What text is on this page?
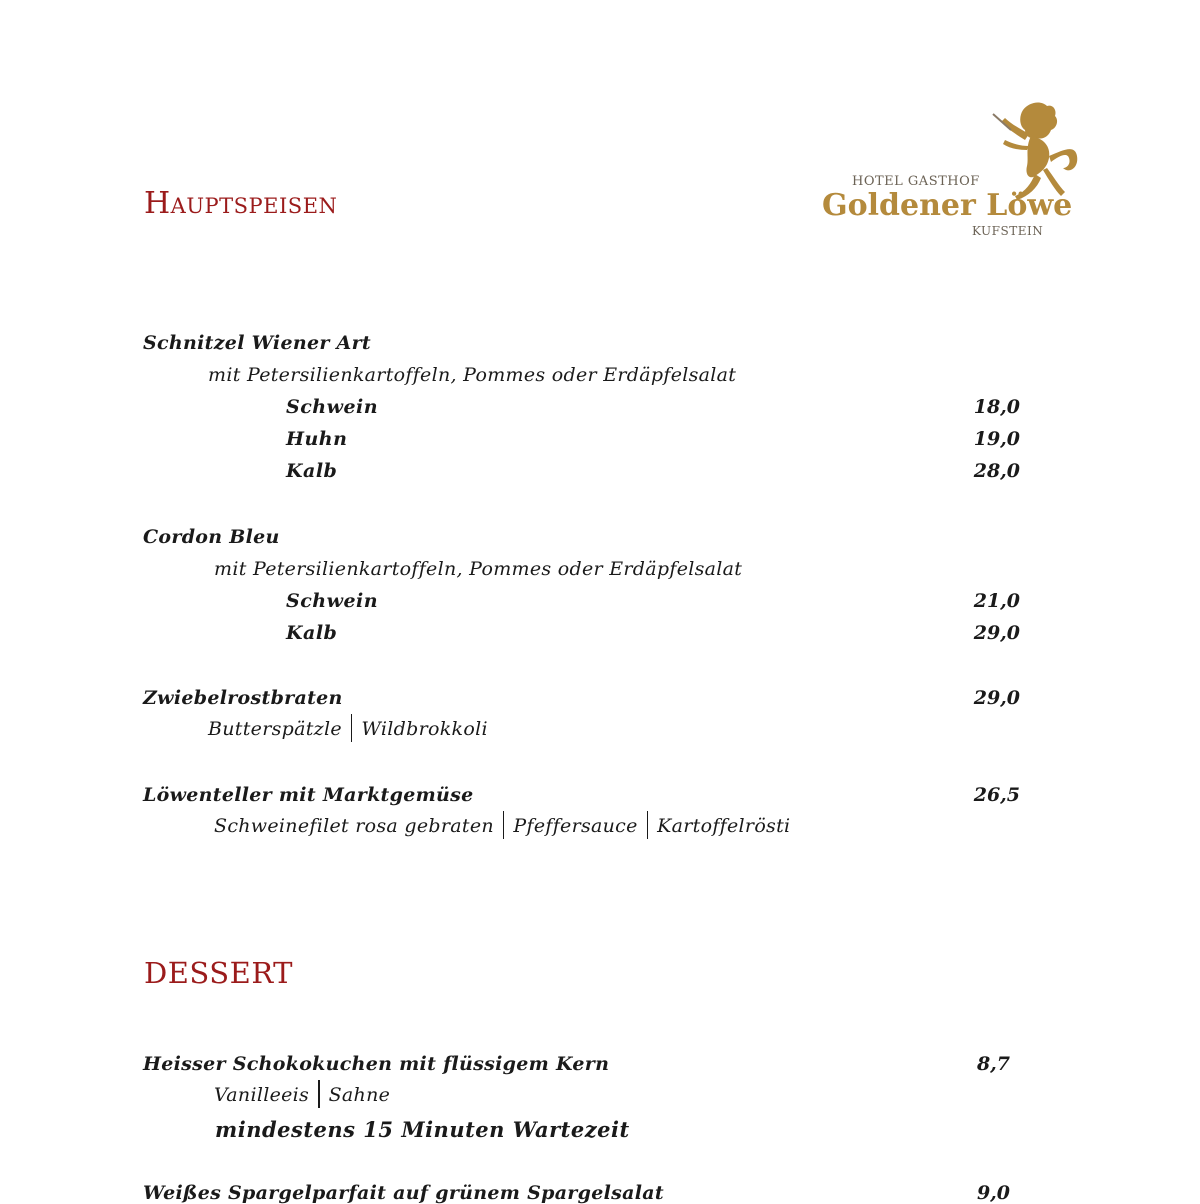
Hauptspeisen
HOTEL GASTHOF
Goldener Löwe
KUFSTEIN
Schnitzel Wiener Art
mit Petersilienkartoffeln, Pommes oder Erdäpfelsalat
Schwein	18,0
Huhn	19,0
Kalb	28,0
Cordon Bleu
mit Petersilienkartoffeln, Pommes oder Erdäpfelsalat
Schwein	21,0
Kalb	29,0
Zwiebelrostbraten	29,0
Butterspätzle Wildbrokkoli
Löwenteller mit Marktgemüse	26,5
Schweinefilet rosa gebraten Pfeffersauce Kartoffelrösti
DESSERT
Heisser Schokokuchen mit flüssigem Kern	8,7
Vanilleeis Sahne
mindestens 15 Minuten Wartezeit
Weißes Spargelparfait auf grünem Spargelsalat	9,0
